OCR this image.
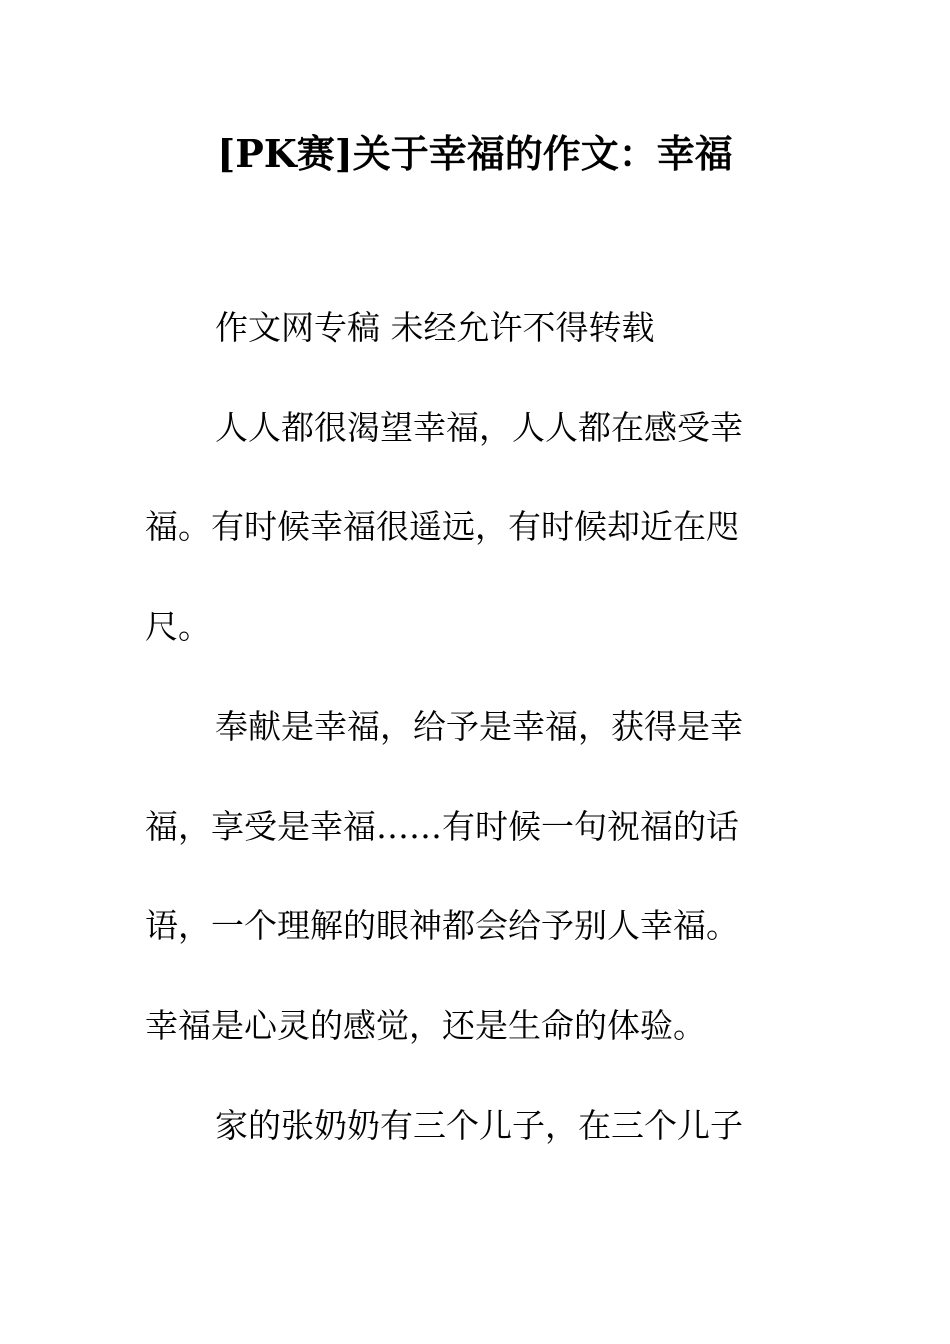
[PK赛]关于幸福的作文：幸福
作文网专稿 未经允许不得转载
人人都很渴望幸福，人人都在感受幸
福。有时候幸福很遥远，有时候却近在咫
尺。
奉献是幸福，给予是幸福，获得是幸
福，享受是幸福……有时候一句祝福的话
语，一个理解的眼神都会给予别人幸福。
幸福是心灵的感觉，还是生命的体验。
家的张奶奶有三个儿子，在三个儿子
